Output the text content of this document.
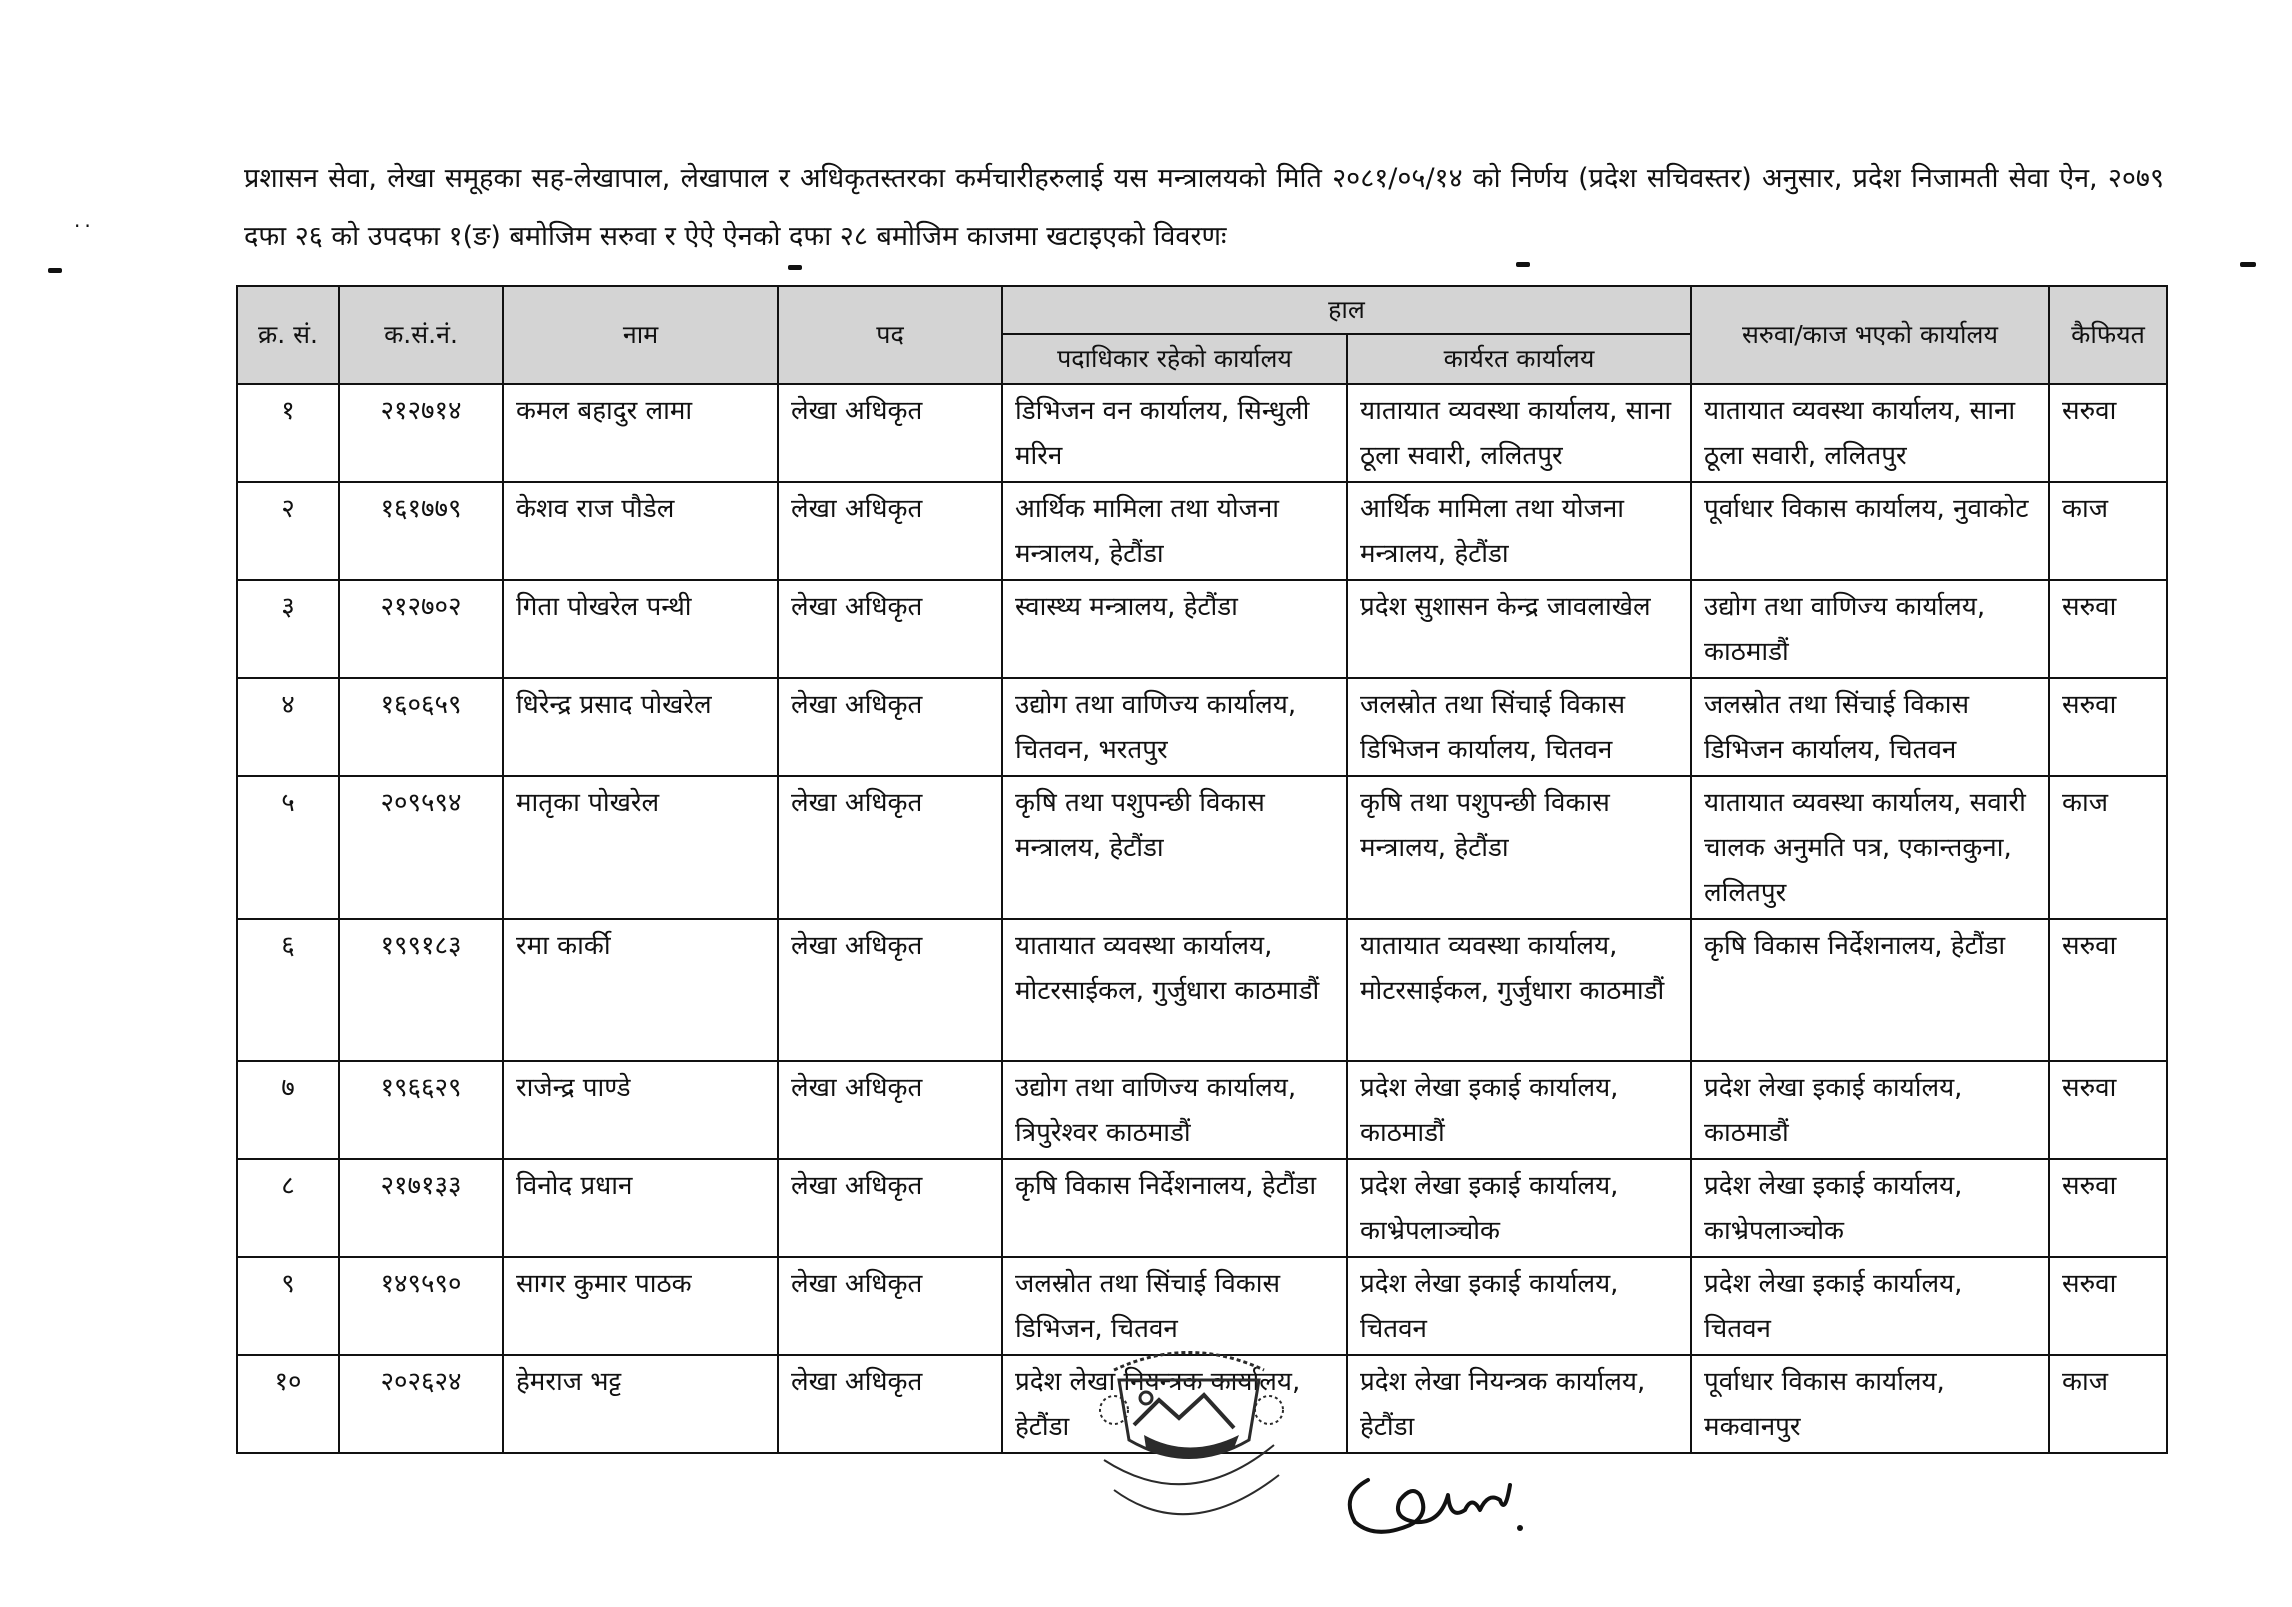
प्रशासन सेवा, लेखा समूहका सह-लेखापाल, लेखापाल र अधिकृतस्तरका कर्मचारीहरुलाई यस मन्त्रालयको मिति २०८१/०५/१४ को निर्णय (प्रदेश सचिवस्तर) अनुसार, प्रदेश निजामती सेवा ऐन, २०७९ दफा २६ को उपदफा १(ङ) बमोजिम सरुवा र ऐऐ ऐनको दफा २८ बमोजिम काजमा खटाइएको विवरणः
··
क्र. सं.	क.सं.नं.	नाम	पद	हाल		सरुवा/काज भएको कार्यालय	कैफियत
				पदाधिकार रहेको कार्यालय	कार्यरत कार्यालय		
१	२१२७१४	कमल बहादुर लामा	लेखा अधिकृत	डिभिजन वन कार्यालय, सिन्धुली मरिन	यातायात व्यवस्था कार्यालय, साना ठूला सवारी, ललितपुर	यातायात व्यवस्था कार्यालय, साना ठूला सवारी, ललितपुर	सरुवा
२	१६१७७९	केशव राज पौडेल	लेखा अधिकृत	आर्थिक मामिला तथा योजना मन्त्रालय, हेटौंडा	आर्थिक मामिला तथा योजना मन्त्रालय, हेटौंडा	पूर्वाधार विकास कार्यालय, नुवाकोट	काज
३	२१२७०२	गिता पोखरेल पन्थी	लेखा अधिकृत	स्वास्थ्य मन्त्रालय, हेटौंडा	प्रदेश सुशासन केन्द्र जावलाखेल	उद्योग तथा वाणिज्य कार्यालय, काठमाडौं	सरुवा
४	१६०६५९	धिरेन्द्र प्रसाद पोखरेल	लेखा अधिकृत	उद्योग तथा वाणिज्य कार्यालय, चितवन, भरतपुर	जलस्रोत तथा सिंचाई विकास डिभिजन कार्यालय, चितवन	जलस्रोत तथा सिंचाई विकास डिभिजन कार्यालय, चितवन	सरुवा
५	२०९५९४	मातृका पोखरेल	लेखा अधिकृत	कृषि तथा पशुपन्छी विकास मन्त्रालय, हेटौंडा	कृषि तथा पशुपन्छी विकास मन्त्रालय, हेटौंडा	यातायात व्यवस्था कार्यालय, सवारी चालक अनुमति पत्र, एकान्तकुना, ललितपुर	काज
६	१९९१८३	रमा कार्की	लेखा अधिकृत	यातायात व्यवस्था कार्यालय, मोटरसाईकल, गुर्जुधारा काठमाडौं	यातायात व्यवस्था कार्यालय, मोटरसाईकल, गुर्जुधारा काठमाडौं	कृषि विकास निर्देशनालय, हेटौंडा	सरुवा
७	१९६६२९	राजेन्द्र पाण्डे	लेखा अधिकृत	उद्योग तथा वाणिज्य कार्यालय, त्रिपुरेश्वर काठमाडौं	प्रदेश लेखा इकाई कार्यालय, काठमाडौं	प्रदेश लेखा इकाई कार्यालय, काठमाडौं	सरुवा
८	२१७१३३	विनोद प्रधान	लेखा अधिकृत	कृषि विकास निर्देशनालय, हेटौंडा	प्रदेश लेखा इकाई कार्यालय, काभ्रेपलाञ्चोक	प्रदेश लेखा इकाई कार्यालय, काभ्रेपलाञ्चोक	सरुवा
९	१४९५९०	सागर कुमार पाठक	लेखा अधिकृत	जलस्रोत तथा सिंचाई विकास डिभिजन, चितवन	प्रदेश लेखा इकाई कार्यालय, चितवन	प्रदेश लेखा इकाई कार्यालय, चितवन	सरुवा
१०	२०२६२४	हेमराज भट्ट	लेखा अधिकृत	प्रदेश लेखा नियन्त्रक कार्यालय, हेटौंडा	प्रदेश लेखा नियन्त्रक कार्यालय, हेटौंडा	पूर्वाधार विकास कार्यालय, मकवानपुर	काज
